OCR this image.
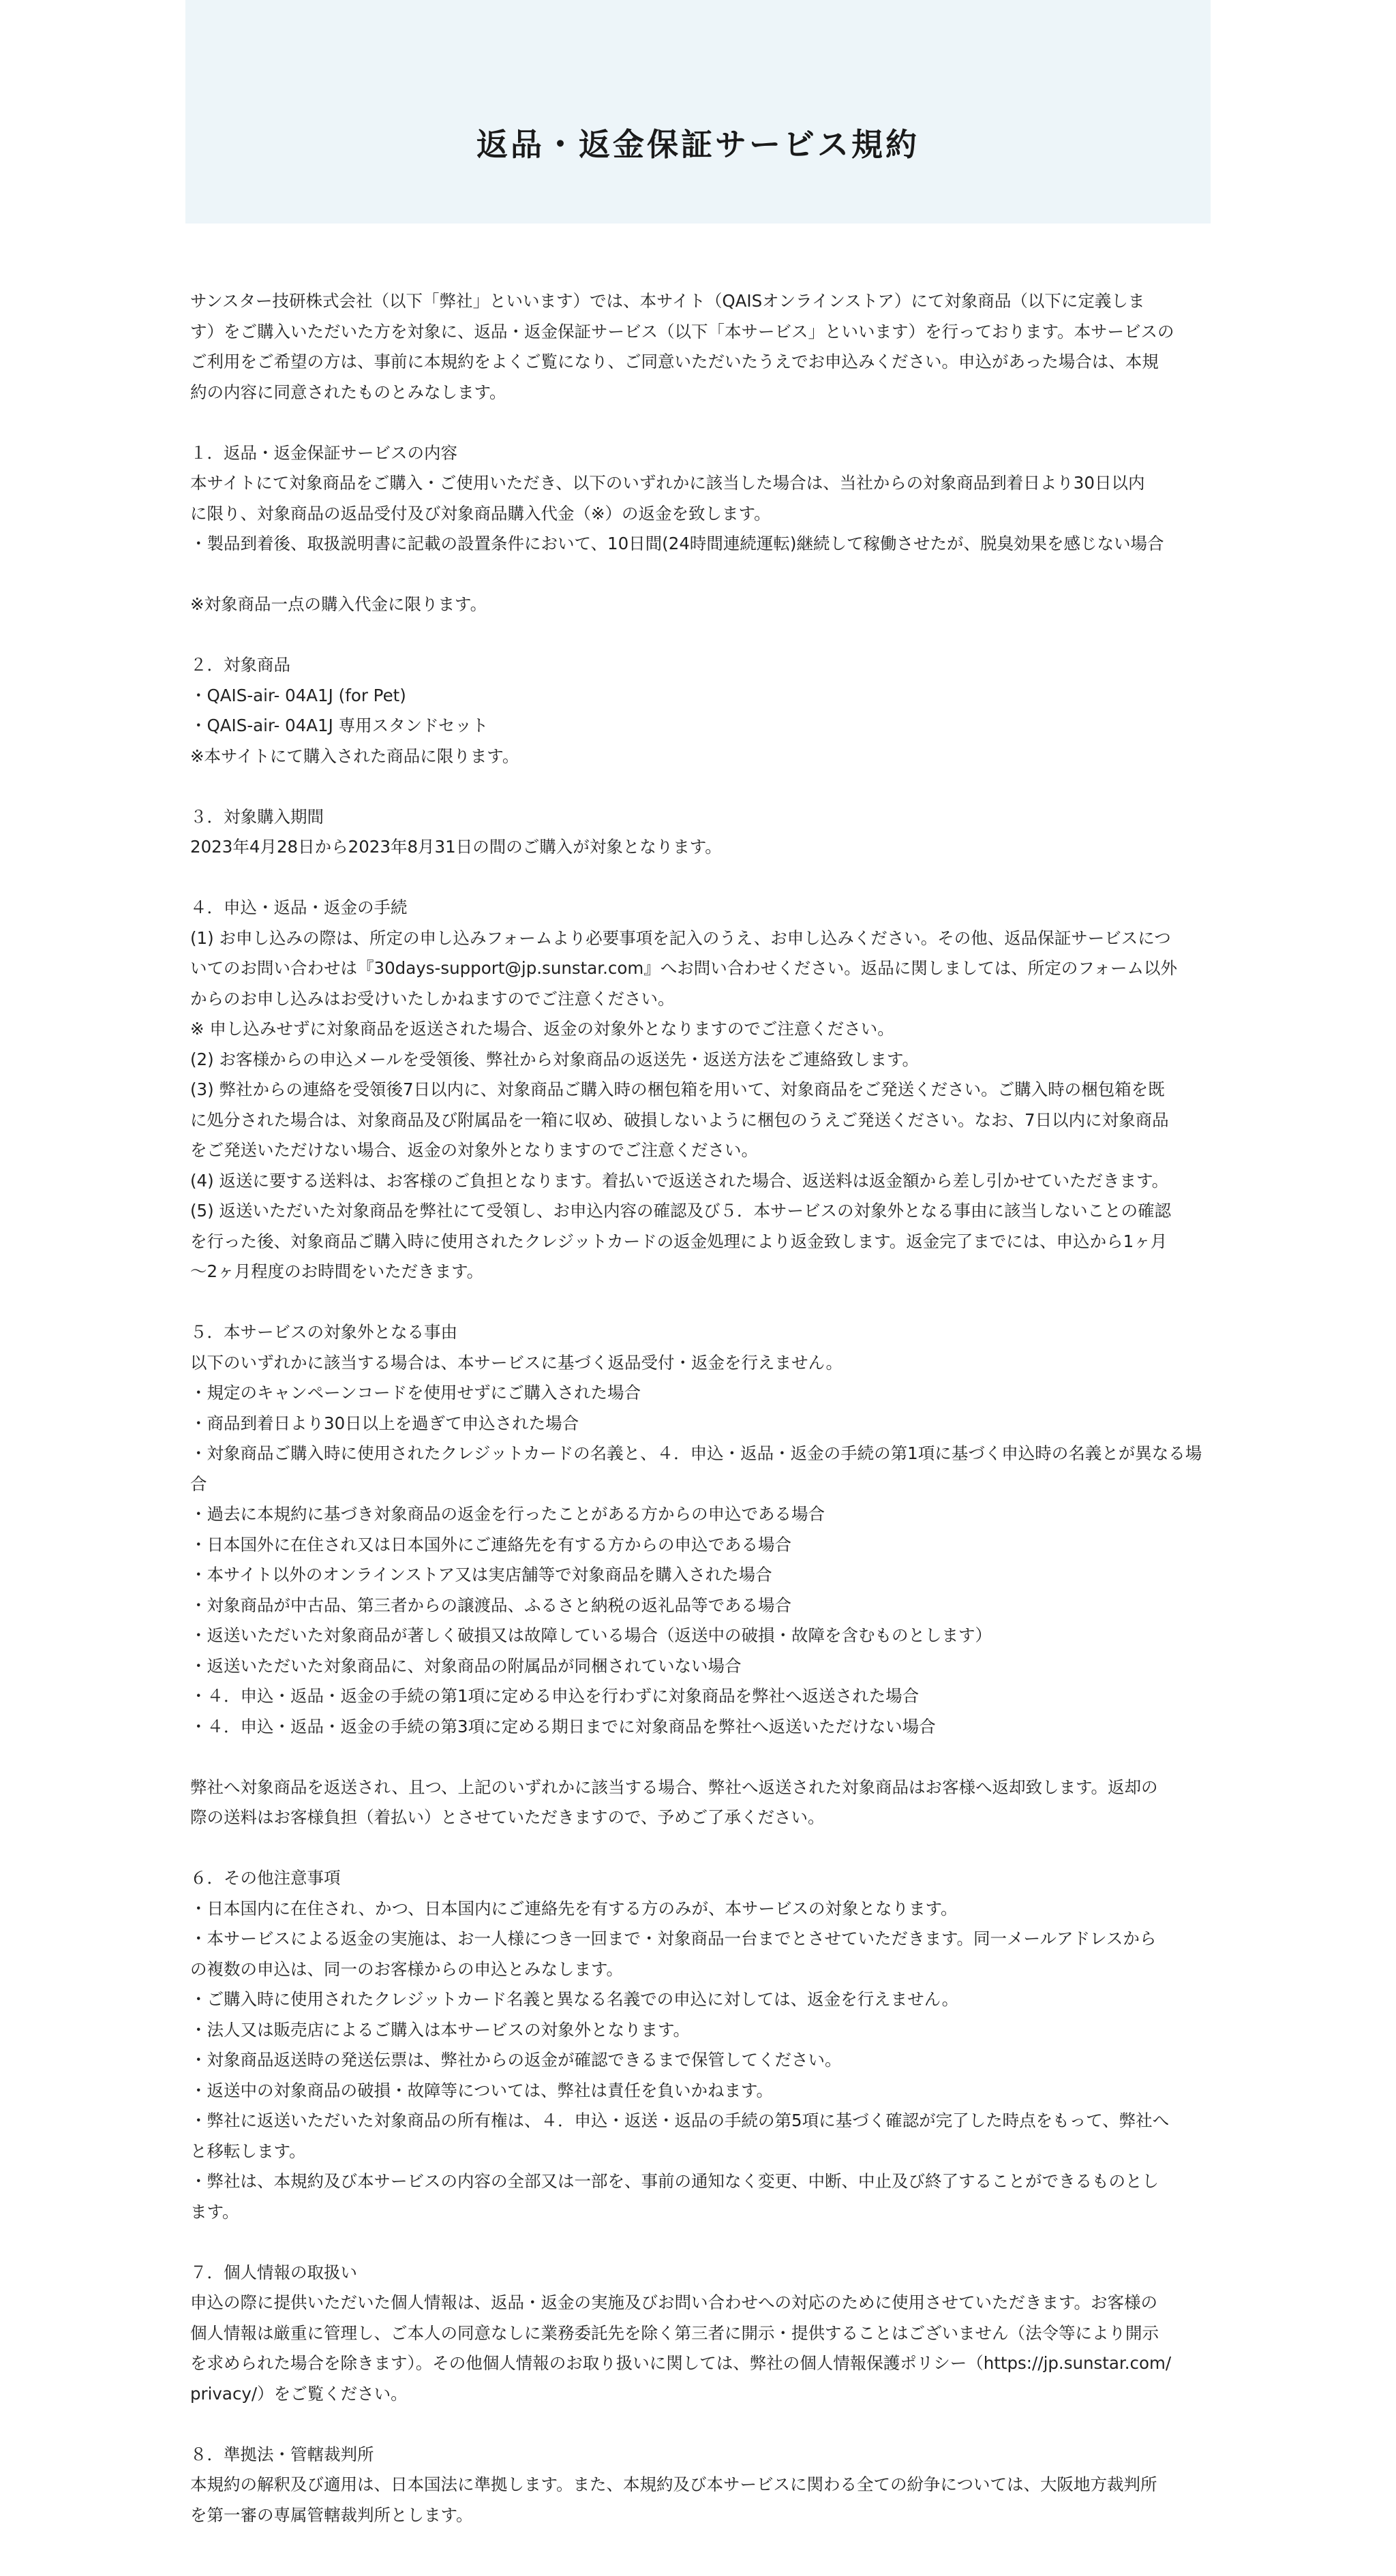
返品・返金保証サービス規約

サンスター技研株式会社（以下「弊社」といいます）では、本サイト（QAISオンラインストア）にて対象商品（以下に定義しま
す）をご購入いただいた方を対象に、返品・返金保証サービス（以下「本サービス」といいます）を行っております。本サービスの
ご利用をご希望の方は、事前に本規約をよくご覧になり、ご同意いただいたうえでお申込みください。申込があった場合は、本規
約の内容に同意されたものとみなします。

１．返品・返金保証サービスの内容

本サイトにて対象商品をご購入・ご使用いただき、以下のいずれかに該当した場合は、当社からの対象商品到着日より30日以内
に限り、対象商品の返品受付及び対象商品購入代金（※）の返金を致します。
・製品到着後、取扱説明書に記載の設置条件において、10日間(24時間連続運転)継続して稼働させたが、脱臭効果を感じない場合

※対象商品一点の購入代金に限ります。

２．対象商品

・QAIS-air- 04A1J (for Pet)
・QAIS-air- 04A1J 専用スタンドセット
※本サイトにて購入された商品に限ります。

３．対象購入期間

2023年4月28日から2023年8月31日の間のご購入が対象となります。

４．申込・返品・返金の手続

(1) お申し込みの際は、所定の申し込みフォームより必要事項を記入のうえ、お申し込みください。その他、返品保証サービスにつ
いてのお問い合わせは『30days-support@jp.sunstar.com』へお問い合わせください。返品に関しましては、所定のフォーム以外
からのお申し込みはお受けいたしかねますのでご注意ください。
※ 申し込みせずに対象商品を返送された場合、返金の対象外となりますのでご注意ください。
(2) お客様からの申込メールを受領後、弊社から対象商品の返送先・返送方法をご連絡致します。
(3) 弊社からの連絡を受領後7日以内に、対象商品ご購入時の梱包箱を用いて、対象商品をご発送ください。ご購入時の梱包箱を既
に処分された場合は、対象商品及び附属品を一箱に収め、破損しないように梱包のうえご発送ください。なお、7日以内に対象商品
をご発送いただけない場合、返金の対象外となりますのでご注意ください。
(4) 返送に要する送料は、お客様のご負担となります。着払いで返送された場合、返送料は返金額から差し引かせていただきます。
(5) 返送いただいた対象商品を弊社にて受領し、お申込内容の確認及び５．本サービスの対象外となる事由に該当しないことの確認
を行った後、対象商品ご購入時に使用されたクレジットカードの返金処理により返金致します。返金完了までには、申込から1ヶ月
〜2ヶ月程度のお時間をいただきます。

５．本サービスの対象外となる事由

以下のいずれかに該当する場合は、本サービスに基づく返品受付・返金を行えません。
・規定のキャンペーンコードを使用せずにご購入された場合
・商品到着日より30日以上を過ぎて申込された場合
・対象商品ご購入時に使用されたクレジットカードの名義と、４．申込・返品・返金の手続の第1項に基づく申込時の名義とが異なる場合
・過去に本規約に基づき対象商品の返金を行ったことがある方からの申込である場合
・日本国外に在住され又は日本国外にご連絡先を有する方からの申込である場合
・本サイト以外のオンラインストア又は実店舗等で対象商品を購入された場合
・対象商品が中古品、第三者からの譲渡品、ふるさと納税の返礼品等である場合
・返送いただいた対象商品が著しく破損又は故障している場合（返送中の破損・故障を含むものとします）
・返送いただいた対象商品に、対象商品の附属品が同梱されていない場合
・４．申込・返品・返金の手続の第1項に定める申込を行わずに対象商品を弊社へ返送された場合
・４．申込・返品・返金の手続の第3項に定める期日までに対象商品を弊社へ返送いただけない場合

弊社へ対象商品を返送され、且つ、上記のいずれかに該当する場合、弊社へ返送された対象商品はお客様へ返却致します。返却の
際の送料はお客様負担（着払い）とさせていただきますので、予めご了承ください。

６．その他注意事項

・日本国内に在住され、かつ、日本国内にご連絡先を有する方のみが、本サービスの対象となります。
・本サービスによる返金の実施は、お一人様につき一回まで・対象商品一台までとさせていただきます。同一メールアドレスから
の複数の申込は、同一のお客様からの申込とみなします。
・ご購入時に使用されたクレジットカード名義と異なる名義での申込に対しては、返金を行えません。
・法人又は販売店によるご購入は本サービスの対象外となります。
・対象商品返送時の発送伝票は、弊社からの返金が確認できるまで保管してください。
・返送中の対象商品の破損・故障等については、弊社は責任を負いかねます。
・弊社に返送いただいた対象商品の所有権は、４．申込・返送・返品の手続の第5項に基づく確認が完了した時点をもって、弊社へ
と移転します。
・弊社は、本規約及び本サービスの内容の全部又は一部を、事前の通知なく変更、中断、中止及び終了することができるものとし
ます。

７．個人情報の取扱い

申込の際に提供いただいた個人情報は、返品・返金の実施及びお問い合わせへの対応のために使用させていただきます。お客様の
個人情報は厳重に管理し、ご本人の同意なしに業務委託先を除く第三者に開示・提供することはございません（法令等により開示
を求められた場合を除きます）。その他個人情報のお取り扱いに関しては、弊社の個人情報保護ポリシー（https://jp.sunstar.com/
privacy/）をご覧ください。

８．準拠法・管轄裁判所

本規約の解釈及び適用は、日本国法に準拠します。また、本規約及び本サービスに関わる全ての紛争については、大阪地方裁判所
を第一審の専属管轄裁判所とします。
